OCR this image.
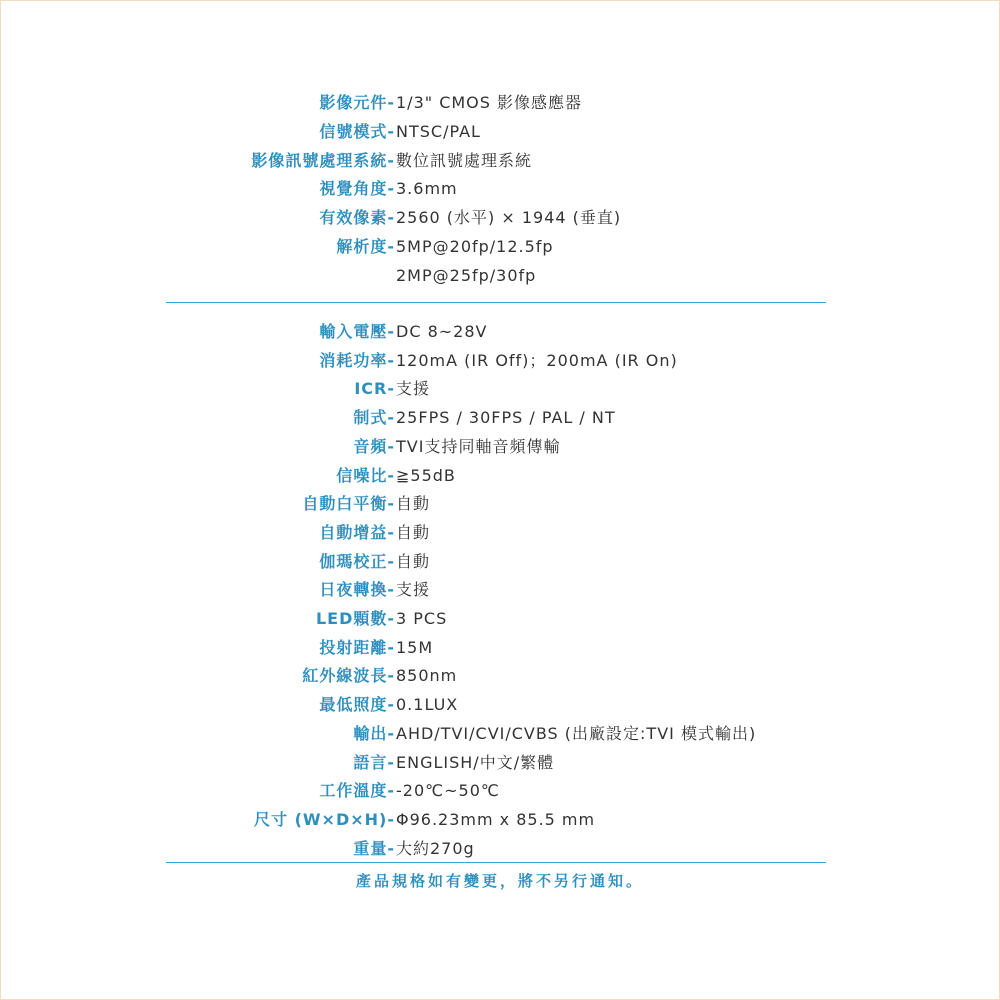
影像元件- 1/3" CMOS 影像感應器
信號模式- NTSC/PAL
影像訊號處理系統- 數位訊號處理系統
視覺角度- 3.6mm
有效像素- 2560 (水平) × 1944 (垂直)
解析度- 5MP@20fp/12.5fp
2MP@25fp/30fp
輸入電壓- DC 8~28V
消耗功率- 120mA (IR Off)；200mA (IR On)
ICR- 支援
制式- 25FPS / 30FPS / PAL / NT
音頻- TVI支持同軸音頻傳輸
信噪比- ≧55dB
自動白平衡- 自動
自動增益- 自動
伽瑪校正- 自動
日夜轉換- 支援
LED顆數- 3 PCS
投射距離- 15M
紅外線波長- 850nm
最低照度- 0.1LUX
輸出- AHD/TVI/CVI/CVBS (出廠設定:TVI 模式輸出)
語言- ENGLISH/中文/繁體
工作溫度- -20℃~50℃
尺寸 (W×D×H)- Φ96.23mm x 85.5 mm
重量- 大約270g
產品規格如有變更，將不另行通知。
